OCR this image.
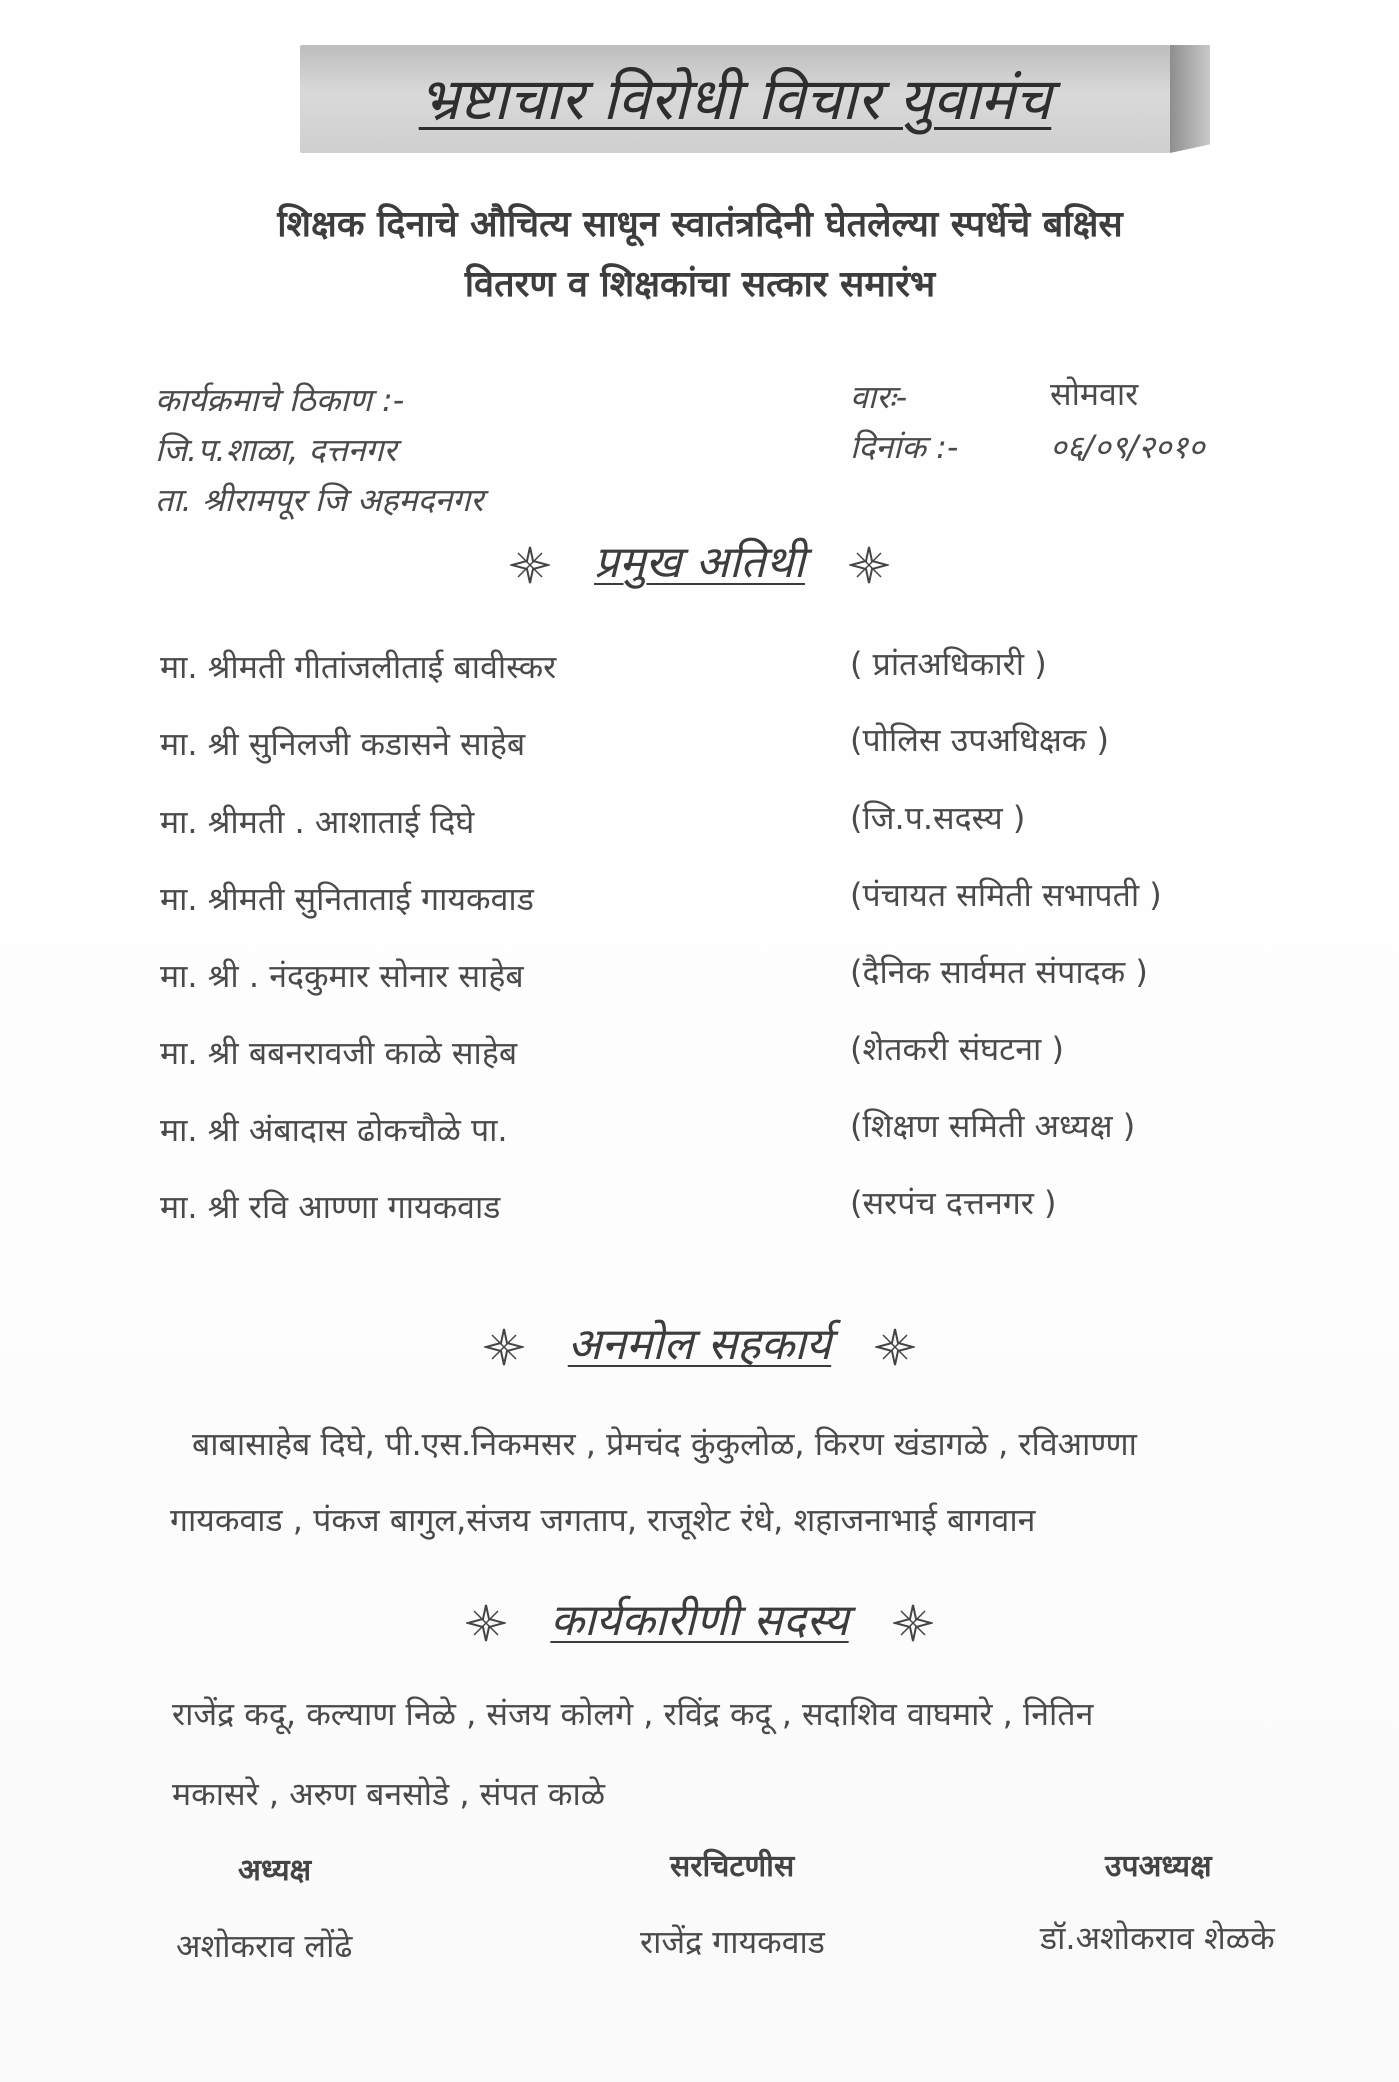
भ्रष्टाचार विरोधी विचार युवामंच
शिक्षक दिनाचे औचित्य साधून स्वातंत्रदिनी घेतलेल्या स्पर्धेचे बक्षिस
वितरण व शिक्षकांचा सत्कार समारंभ
कार्यक्रमाचे ठिकाण :-
जि.प.शाळा, दत्तनगर
ता. श्रीरामपूर जि अहमदनगर
वारः-	सोमवार
दिनांक :-	०६/०९/२०१०
प्रमुख अतिथी
मा. श्रीमती गीतांजलीताई बावीस्कर	( प्रांतअधिकारी )
मा. श्री सुनिलजी कडासने साहेब	(पोलिस उपअधिक्षक )
मा. श्रीमती . आशाताई दिघे	(जि.प.सदस्य )
मा. श्रीमती सुनिताताई गायकवाड	(पंचायत समिती सभापती )
मा. श्री . नंदकुमार सोनार साहेब	(दैनिक सार्वमत संपादक )
मा. श्री बबनरावजी काळे साहेब	(शेतकरी संघटना )
मा. श्री अंबादास ढोकचौळे पा.	(शिक्षण समिती अध्यक्ष )
मा. श्री रवि आण्णा गायकवाड	(सरपंच दत्तनगर )
अनमोल सहकार्य
बाबासाहेब दिघे, पी.एस.निकमसर , प्रेमचंद कुंकुलोळ, किरण खंडागळे , रविआण्णा
गायकवाड , पंकज बागुल,संजय जगताप, राजूशेट रंधे, शहाजनाभाई बागवान
कार्यकारीणी सदस्य
राजेंद्र कदू, कल्याण निळे , संजय कोलगे , रविंद्र कदू , सदाशिव वाघमारे , नितिन
मकासरे , अरुण बनसोडे , संपत काळे
अध्यक्ष	सरचिटणीस	उपअध्यक्ष
अशोकराव लोंढे	राजेंद्र गायकवाड	डॉ.अशोकराव शेळके
